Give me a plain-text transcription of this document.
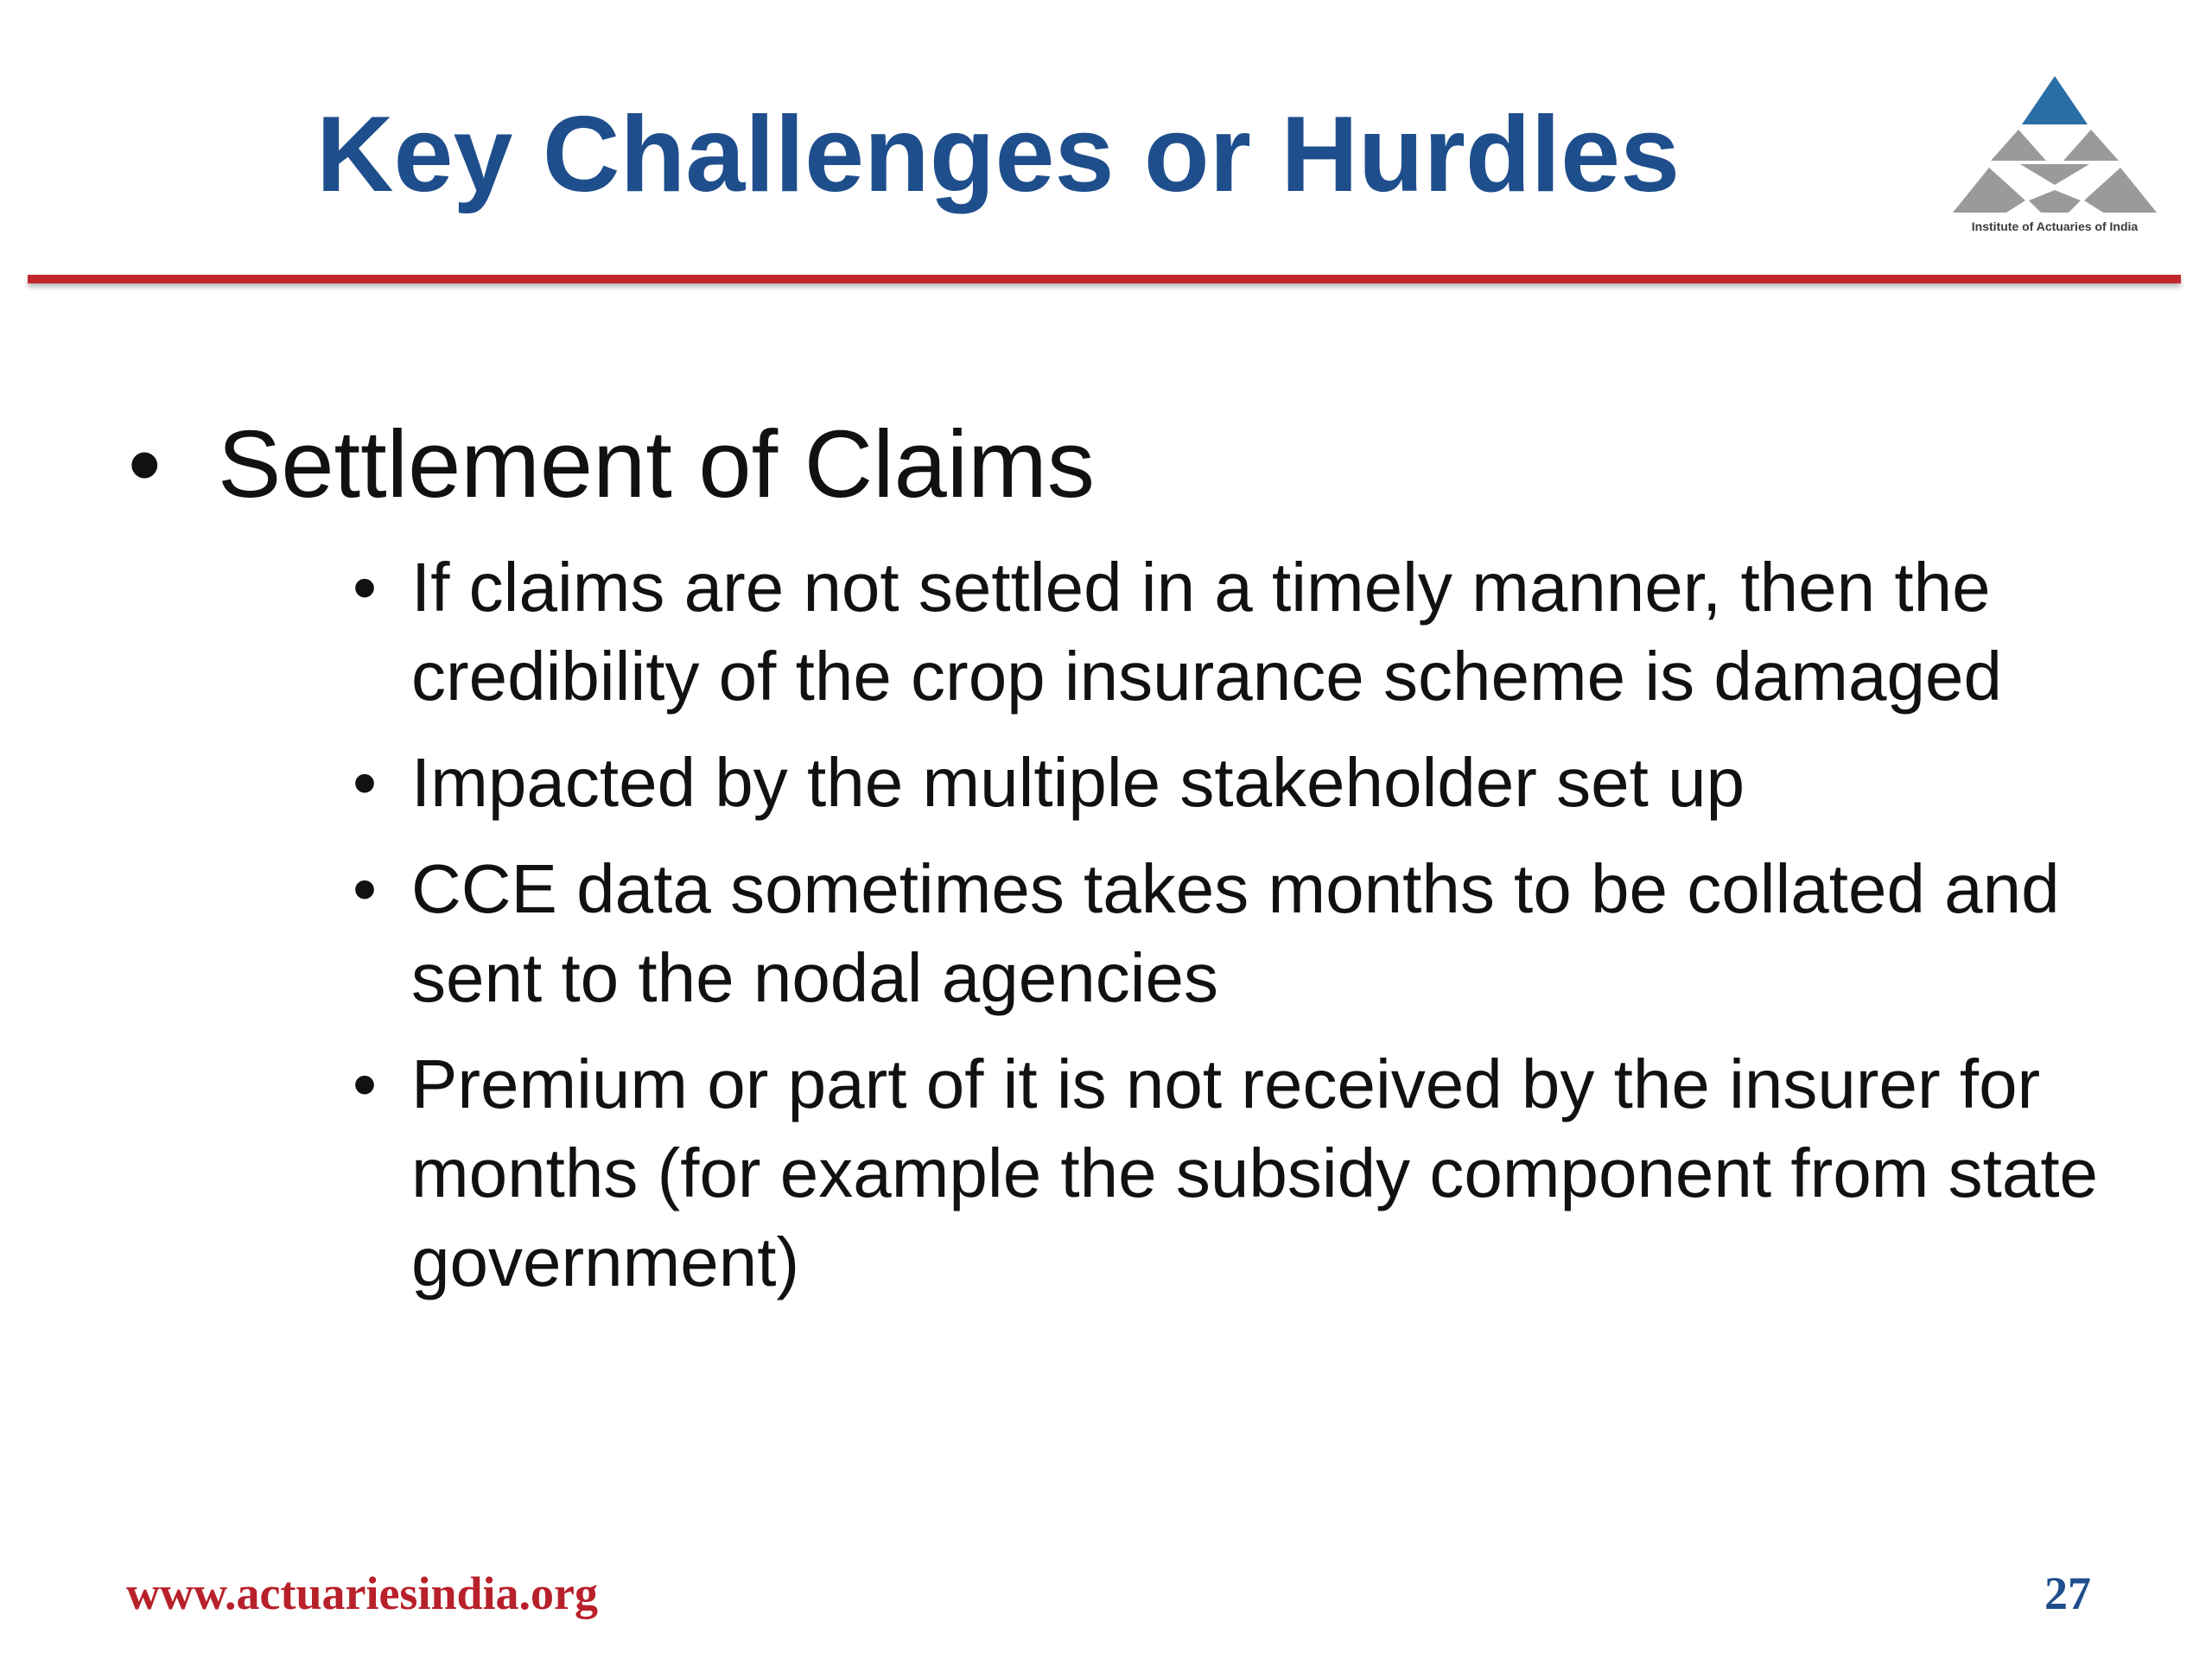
Key Challenges or Hurdles
Institute of Actuaries of India
• Settlement of Claims
• If claims are not settled in a timely manner, then the credibility of the crop insurance scheme is damaged
• Impacted by the multiple stakeholder set up
• CCE data sometimes takes months to be collated and sent to the nodal agencies
• Premium or part of it is not received by the insurer for months (for example the subsidy component from state government)
www.actuariesindia.org	27
